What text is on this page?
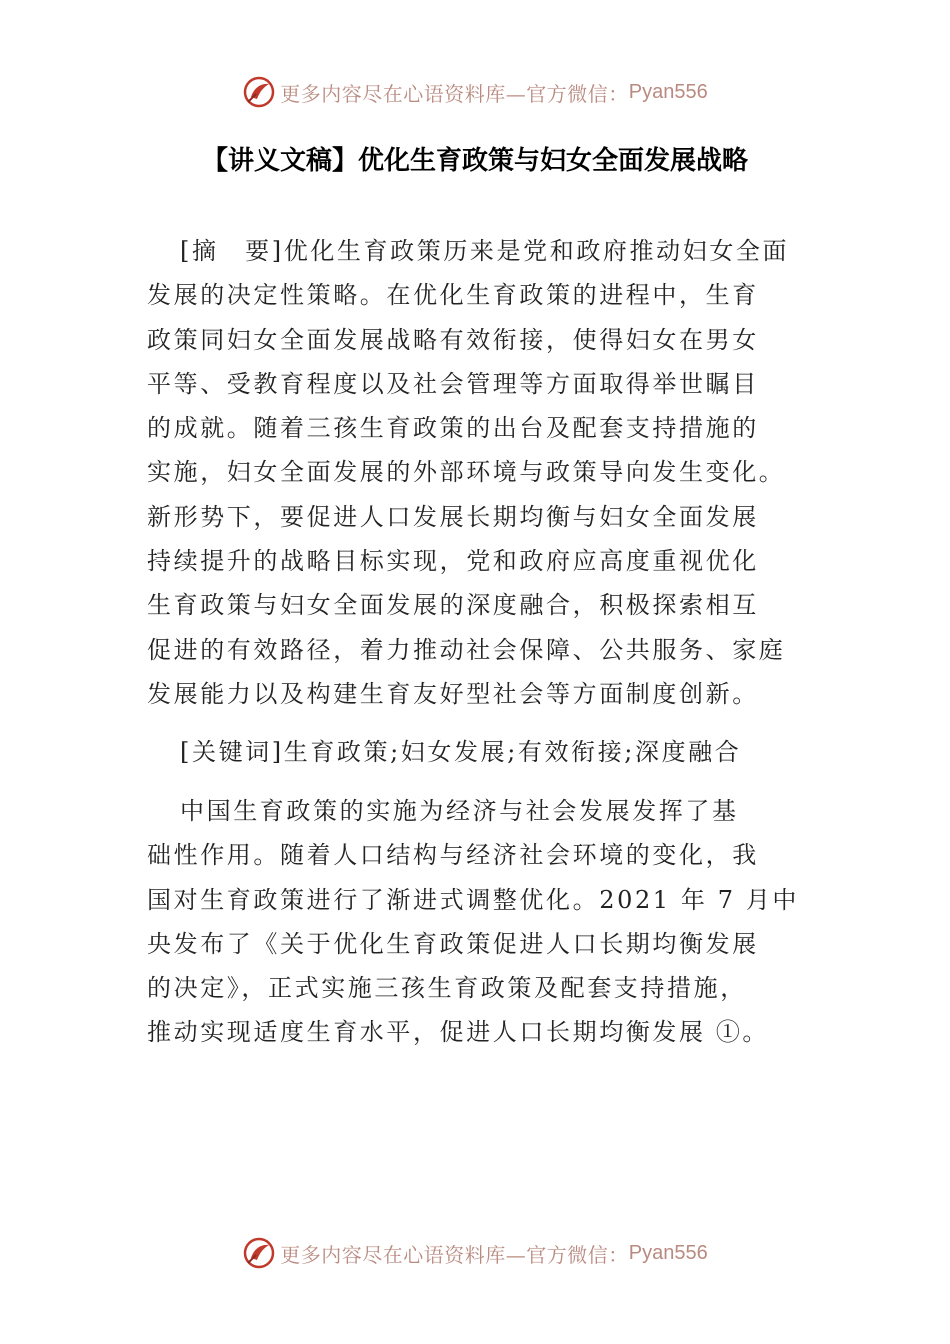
更多内容尽在心语资料库—官方微信： Pyan556
【讲义文稿】优化生育政策与妇女全面发展战略
[摘　要]优化生育政策历来是党和政府推动妇女全面
发展的决定性策略。在优化生育政策的进程中，生育
政策同妇女全面发展战略有效衔接，使得妇女在男女
平等、受教育程度以及社会管理等方面取得举世瞩目
的成就。随着三孩生育政策的出台及配套支持措施的
实施，妇女全面发展的外部环境与政策导向发生变化。
新形势下，要促进人口发展长期均衡与妇女全面发展
持续提升的战略目标实现，党和政府应高度重视优化
生育政策与妇女全面发展的深度融合，积极探索相互
促进的有效路径，着力推动社会保障、公共服务、家庭
发展能力以及构建生育友好型社会等方面制度创新。
[关键词]生育政策;妇女发展;有效衔接;深度融合
中国生育政策的实施为经济与社会发展发挥了基
础性作用。随着人口结构与经济社会环境的变化，我
国对生育政策进行了渐进式调整优化。2021 年 7 月中
央发布了《关于优化生育政策促进人口长期均衡发展
的决定》，正式实施三孩生育政策及配套支持措施，
推动实现适度生育水平，促进人口长期均衡发展 ①。
更多内容尽在心语资料库—官方微信： Pyan556
